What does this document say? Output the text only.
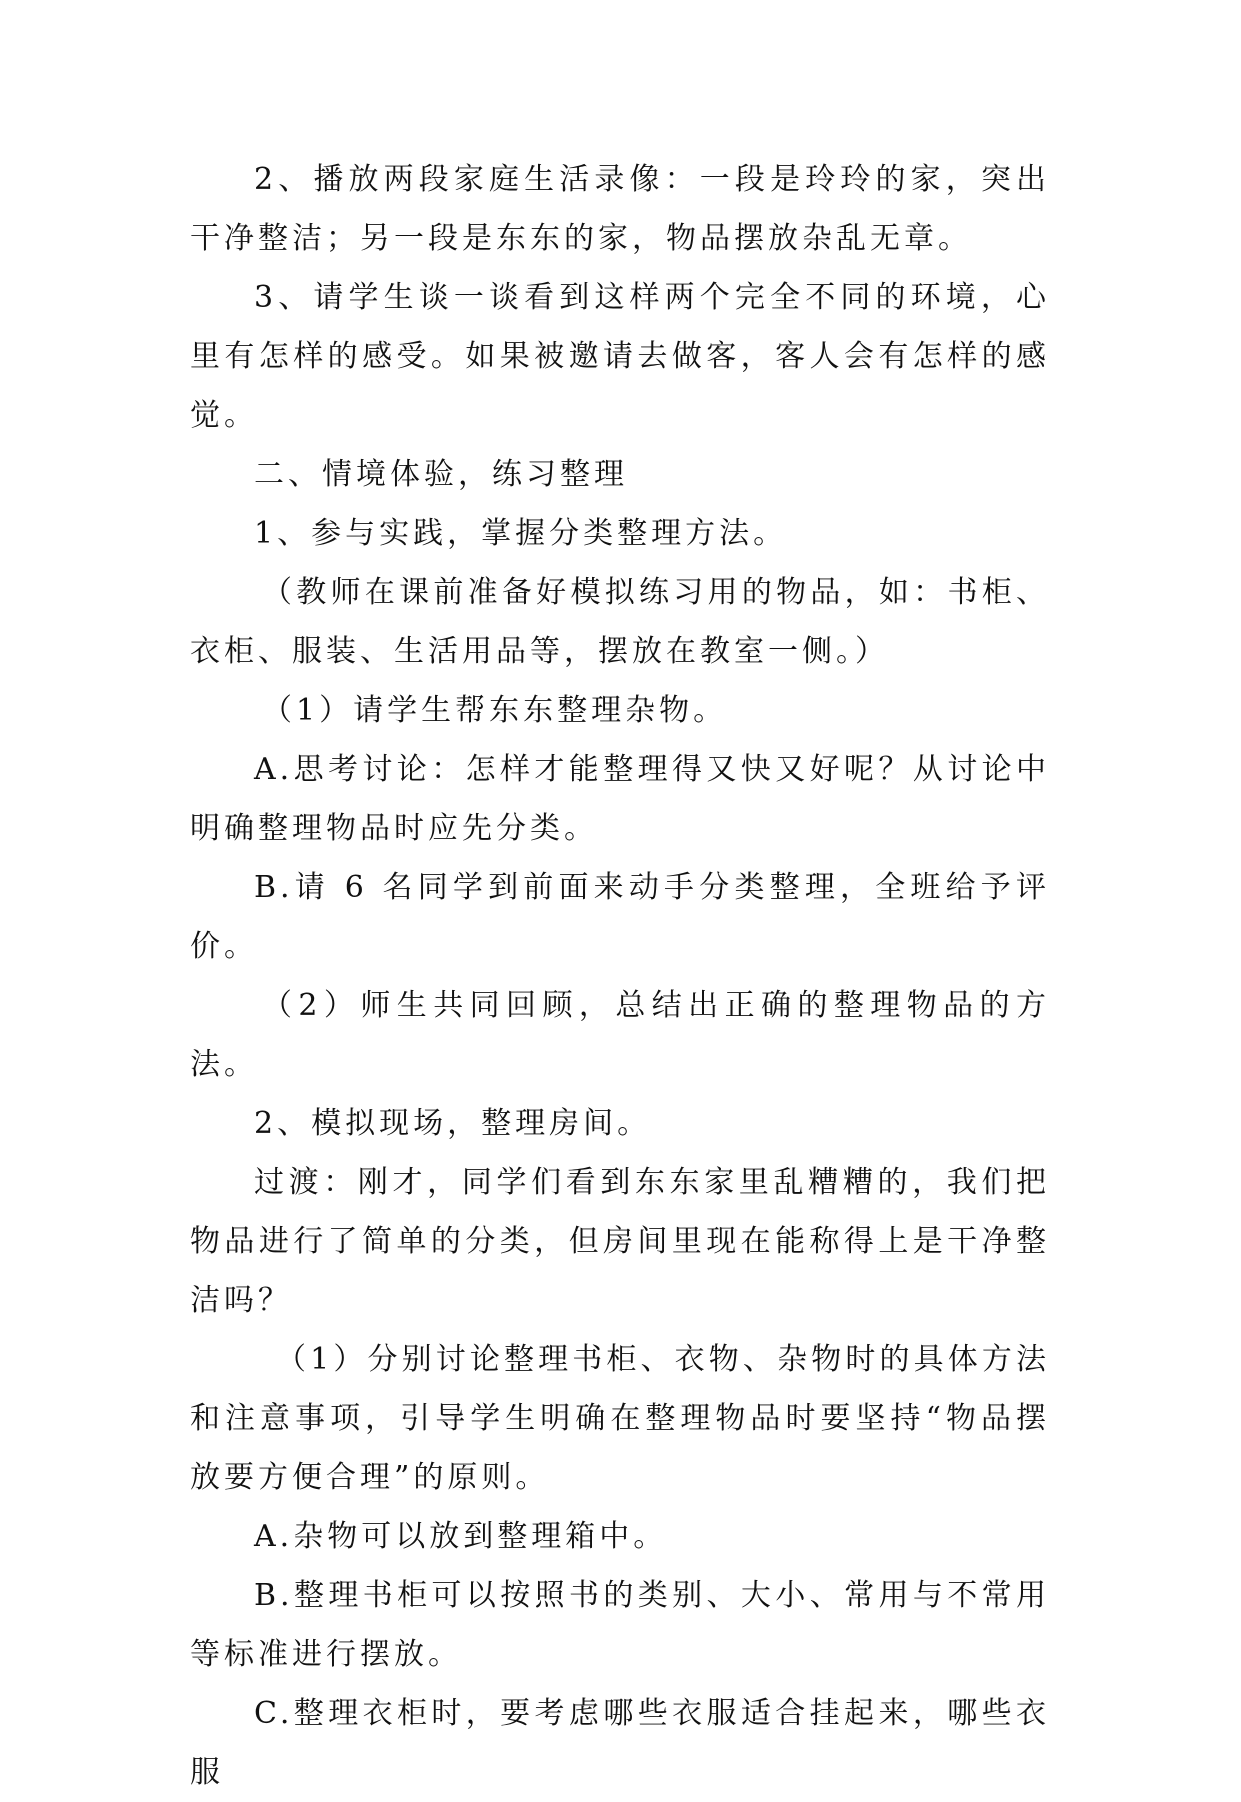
2、播放两段家庭生活录像：一段是玲玲的家，突出干净整洁；另一段是东东的家，物品摆放杂乱无章。

3、请学生谈一谈看到这样两个完全不同的环境，心里有怎样的感受。如果被邀请去做客，客人会有怎样的感觉。

二、情境体验，练习整理

1、参与实践，掌握分类整理方法。

（教师在课前准备好模拟练习用的物品，如：书柜、衣柜、服装、生活用品等，摆放在教室一侧。）

（1）请学生帮东东整理杂物。

A.思考讨论：怎样才能整理得又快又好呢？从讨论中明确整理物品时应先分类。

B.请 6 名同学到前面来动手分类整理，全班给予评价。

（2）师生共同回顾，总结出正确的整理物品的方法。

2、模拟现场，整理房间。

过渡：刚才，同学们看到东东家里乱糟糟的，我们把物品进行了简单的分类，但房间里现在能称得上是干净整洁吗？

（1）分别讨论整理书柜、衣物、杂物时的具体方法和注意事项，引导学生明确在整理物品时要坚持“物品摆放要方便合理”的原则。

A.杂物可以放到整理箱中。

B.整理书柜可以按照书的类别、大小、常用与不常用等标准进行摆放。

C.整理衣柜时，要考虑哪些衣服适合挂起来，哪些衣服
